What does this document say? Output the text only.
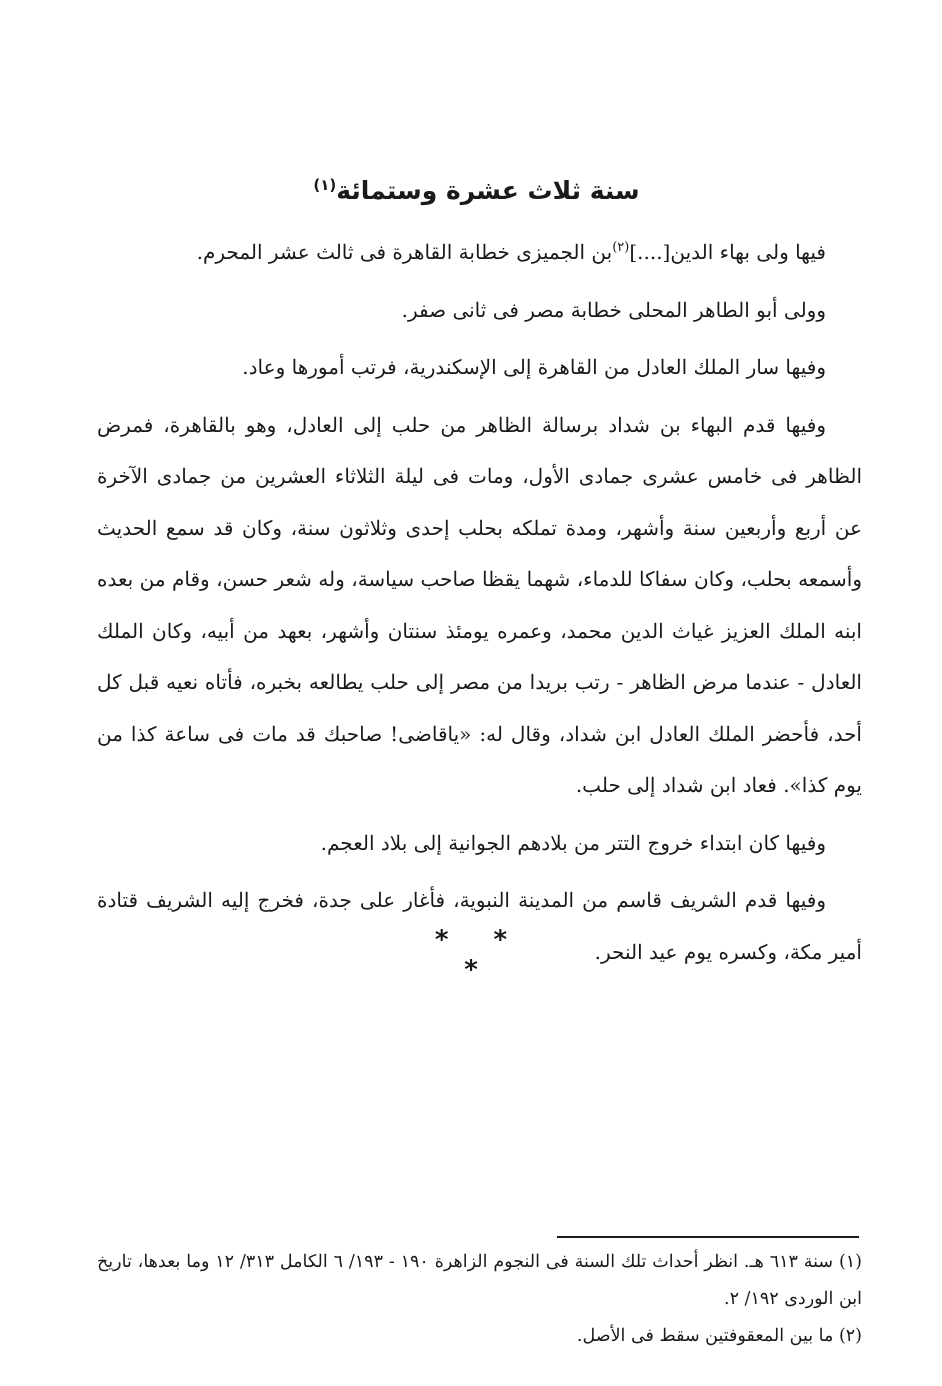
سنة ثلاث عشرة وستمائة$^{(١)}$

فيها ولى بهاء الدين[....]$^{(٢)}$بن الجميزى خطابة القاهرة فى ثالث عشر المحرم.

وولى أبو الطاهر المحلى خطابة مصر فى ثانى صفر.

وفيها سار الملك العادل من القاهرة إلى الإسكندرية، فرتب أمورها وعاد.

وفيها قدم البهاء بن شداد برسالة الظاهر من حلب إلى العادل، وهو بالقاهرة، فمرض الظاهر فى خامس عشرى جمادى الأول، ومات فى ليلة الثلاثاء العشرين من جمادى الآخرة عن أربع وأربعين سنة وأشهر، ومدة تملكه بحلب إحدى وثلاثون سنة، وكان قد سمع الحديث وأسمعه بحلب، وكان سفاكا للدماء، شهما يقظا صاحب سياسة، وله شعر حسن، وقام من بعده ابنه الملك العزيز غياث الدين محمد، وعمره يومئذ سنتان وأشهر، بعهد من أبيه، وكان الملك العادل - عندما مرض الظاهر - رتب بريدا من مصر إلى حلب يطالعه بخبره، فأتاه نعيه قبل كل أحد، فأحضر الملك العادل ابن شداد، وقال له: «ياقاضى! صاحبك قد مات فى ساعة كذا من يوم كذا». فعاد ابن شداد إلى حلب.

وفيها كان ابتداء خروج التتر من بلادهم الجوانية إلى بلاد العجم.

وفيها قدم الشريف قاسم من المدينة النبوية، فأغار على جدة، فخرج إليه الشريف قتادة أمير مكة، وكسره يوم عيد النحر.

* * *

(١) سنة ٦١٣ هـ. انظر أحداث تلك السنة فى النجوم الزاهرة ١٩٠ - ١٩٣/ ٦ الكامل ٣١٣/ ١٢ وما بعدها، تاريخ ابن الوردى ١٩٢/ ٢.

(٢) ما بين المعقوفتين سقط فى الأصل.
